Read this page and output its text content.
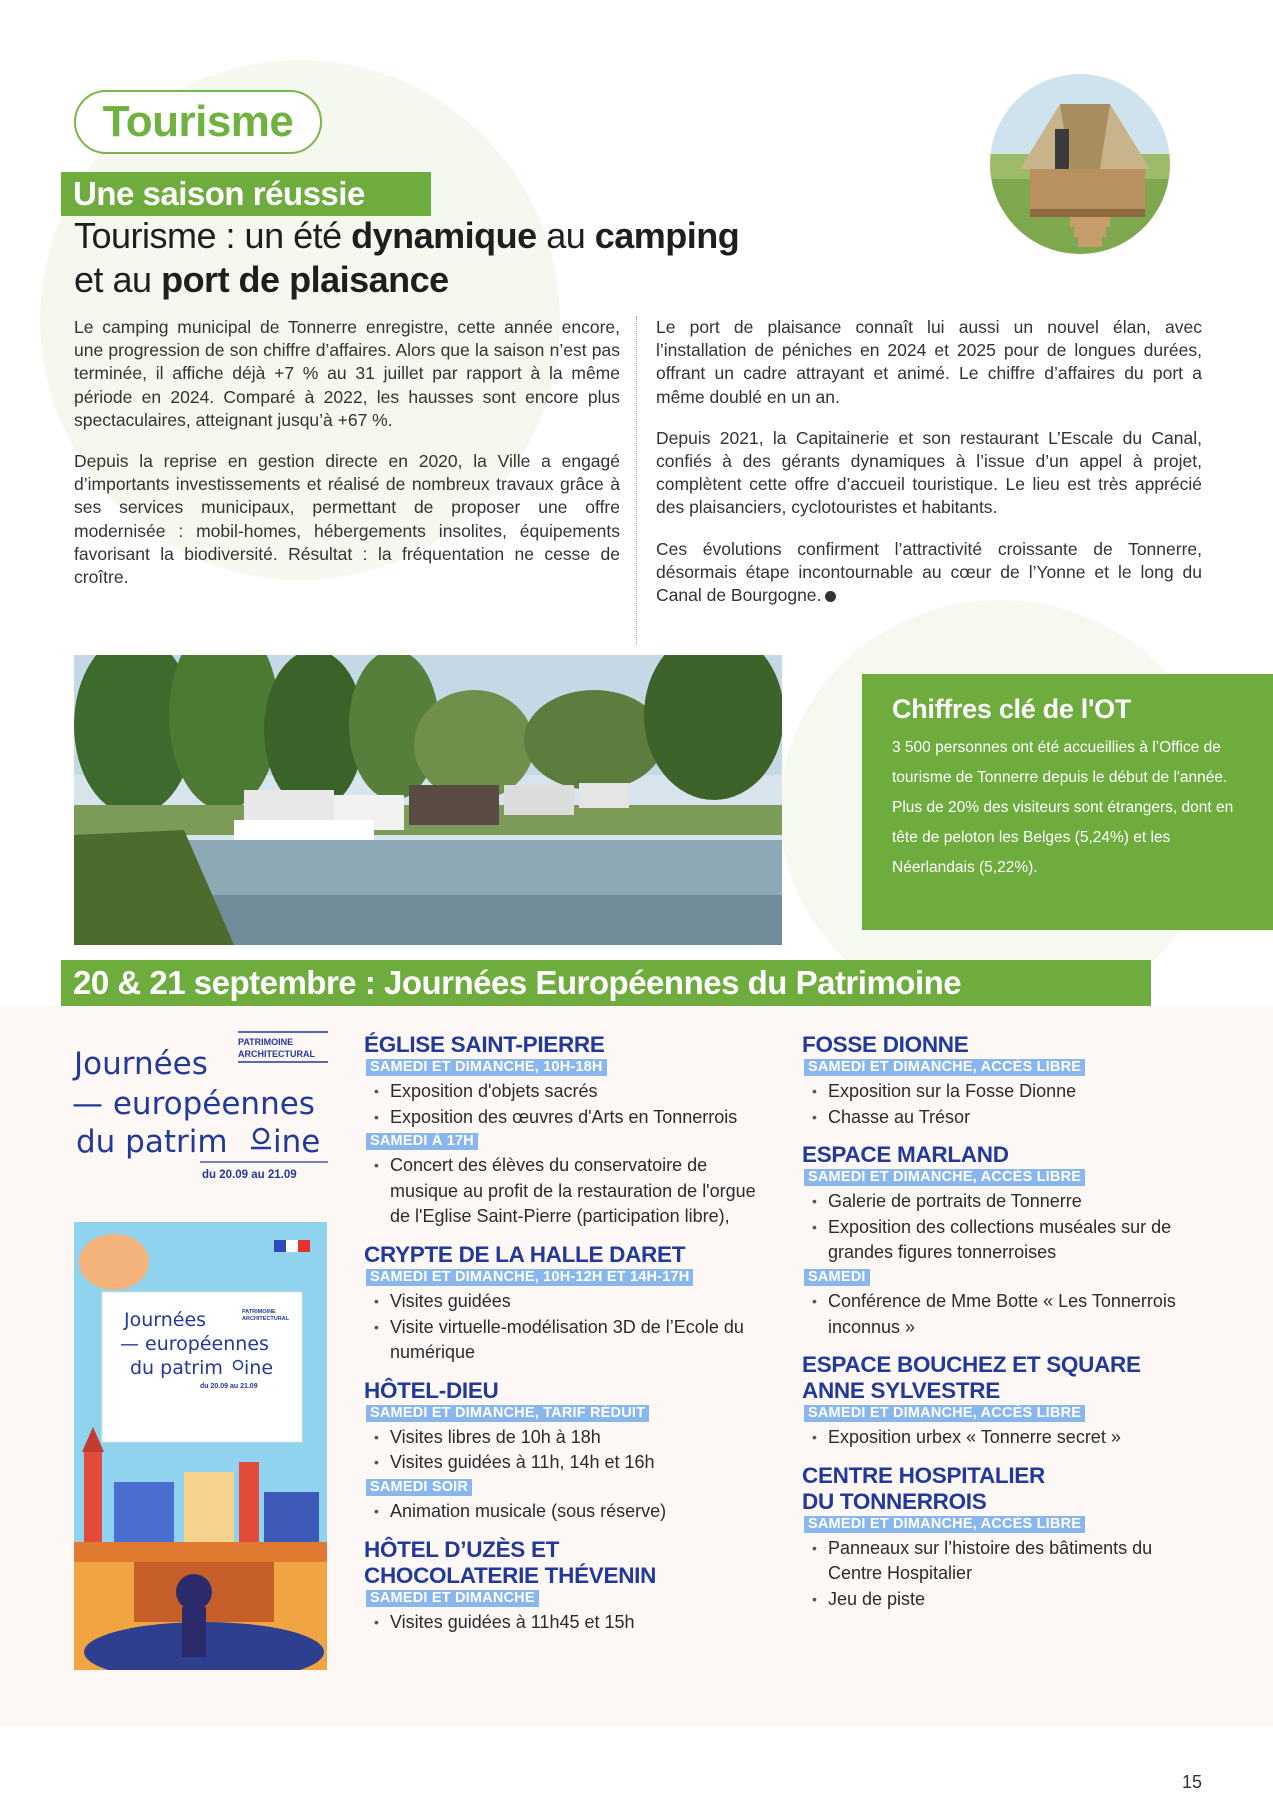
Tourisme
Une saison réussie
Tourisme : un été dynamique au camping
et au port de plaisance

Le camping municipal de Tonnerre enregistre, cette année encore, une progression de son chiffre d’affaires. Alors que la saison n’est pas terminée, il affiche déjà +7 % au 31 juillet par rapport à la même période en 2024. Comparé à 2022, les hausses sont encore plus spectaculaires, atteignant jusqu’à +67 %.

Depuis la reprise en gestion directe en 2020, la Ville a engagé d’importants investissements et réalisé de nombreux travaux grâce à ses services municipaux, permettant de proposer une offre modernisée : mobil-homes, hébergements insolites, équipements favorisant la biodiversité. Résultat : la fréquentation ne cesse de croître.

Le port de plaisance connaît lui aussi un nouvel élan, avec l’installation de péniches en 2024 et 2025 pour de longues durées, offrant un cadre attrayant et animé. Le chiffre d’affaires du port a même doublé en un an.

Depuis 2021, la Capitainerie et son restaurant L’Escale du Canal, confiés à des gérants dynamiques à l’issue d’un appel à projet, complètent cette offre d’accueil touristique. Le lieu est très apprécié des plaisanciers, cyclotouristes et habitants.

Ces évolutions confirment l’attractivité croissante de Tonnerre, désormais étape incontournable au cœur de l’Yonne et le long du Canal de Bourgogne.

Chiffres clé de l'OT

3 500 personnes ont été accueillies à l’Office de tourisme de Tonnerre depuis le début de l'année.

Plus de 20% des visiteurs sont étrangers, dont en tête de peloton les Belges (5,24%) et les Néerlandais (5,22%).

20 & 21 septembre : Journées Européennes du Patrimoine
PATRIMOINE
ARCHITECTURAL
Journées
— européennes
du patrim ine
du 20.09 au 21.09
Journées	PATRIMOINE
ARCHITECTURAL
— européennes
du patrim ine
du 20.09 au 21.09
ÉGLISE SAINT-PIERRE
SAMEDI ET DIMANCHE, 10H-18H
• Exposition d'objets sacrés
• Exposition des œuvres d'Arts en Tonnerrois
SAMEDI À 17H
• Concert des élèves du conservatoire de musique au profit de la restauration de l'orgue de l'Eglise Saint-Pierre (participation libre),
CRYPTE DE LA HALLE DARET
SAMEDI ET DIMANCHE, 10H-12H ET 14H-17H
• Visites guidées
• Visite virtuelle-modélisation 3D de l’Ecole du numérique
HÔTEL-DIEU
SAMEDI ET DIMANCHE, TARIF RÉDUIT
• Visites libres de 10h à 18h
• Visites guidées à 11h, 14h et 16h
SAMEDI SOIR
• Animation musicale (sous réserve)
HÔTEL D’UZÈS ET
CHOCOLATERIE THÉVENIN
SAMEDI ET DIMANCHE
• Visites guidées à 11h45 et 15h
FOSSE DIONNE
SAMEDI ET DIMANCHE, ACCÈS LIBRE
• Exposition sur la Fosse Dionne
• Chasse au Trésor
ESPACE MARLAND
SAMEDI ET DIMANCHE, ACCÈS LIBRE
• Galerie de portraits de Tonnerre
• Exposition des collections muséales sur de grandes figures tonnerroises
SAMEDI
• Conférence de Mme Botte « Les Tonnerrois inconnus »
ESPACE BOUCHEZ ET SQUARE
ANNE SYLVESTRE
SAMEDI ET DIMANCHE, ACCÈS LIBRE
• Exposition urbex « Tonnerre secret »
CENTRE HOSPITALIER
DU TONNERROIS
SAMEDI ET DIMANCHE, ACCÈS LIBRE
• Panneaux sur l’histoire des bâtiments du Centre Hospitalier
• Jeu de piste
15
